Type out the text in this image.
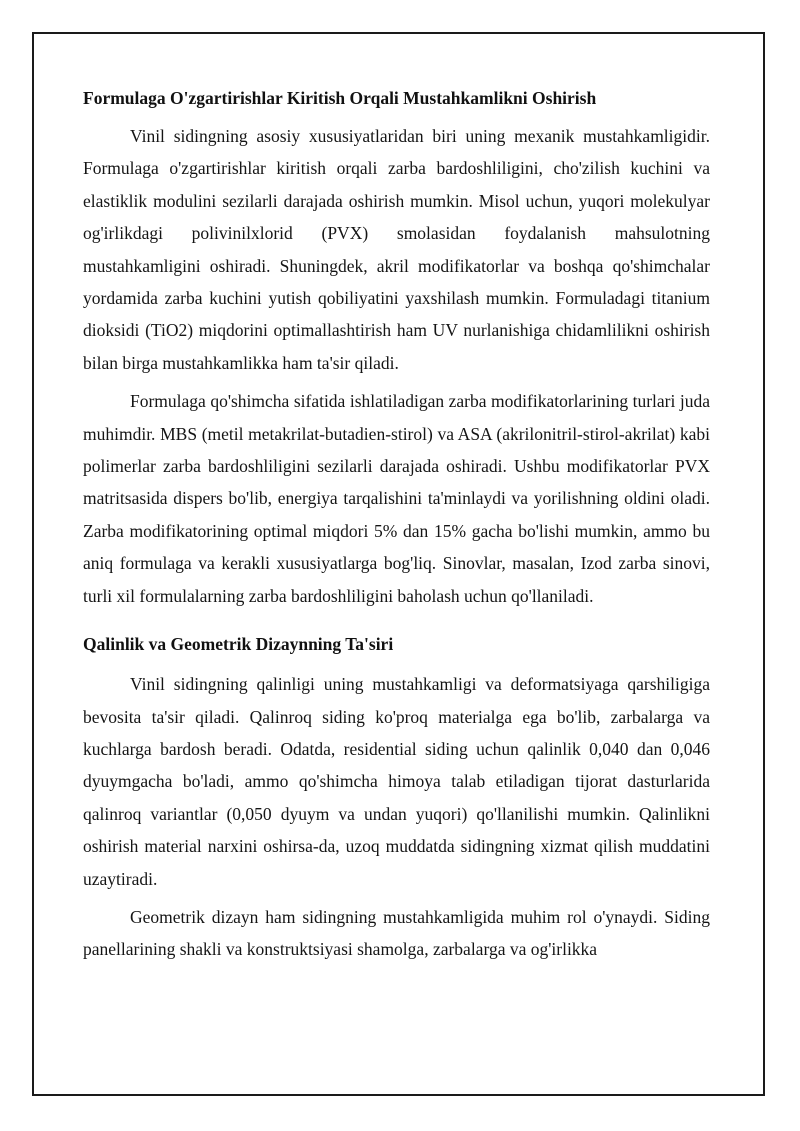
Formulaga O'zgartirishlar Kiritish Orqali Mustahkamlikni Oshirish

Vinil sidingning asosiy xususiyatlaridan biri uning mexanik mustahkamligidir. Formulaga o'zgartirishlar kiritish orqali zarba bardoshliligini, cho'zilish kuchini va elastiklik modulini sezilarli darajada oshirish mumkin. Misol uchun, yuqori molekulyar og'irlikdagi polivinilxlorid (PVX) smolasidan foydalanish mahsulotning mustahkamligini oshiradi. Shuningdek, akril modifikatorlar va boshqa qo'shimchalar yordamida zarba kuchini yutish qobiliyatini yaxshilash mumkin. Formuladagi titanium dioksidi (TiO2) miqdorini optimallashtirish ham UV nurlanishiga chidamlilikni oshirish bilan birga mustahkamlikka ham ta'sir qiladi.

Formulaga qo'shimcha sifatida ishlatiladigan zarba modifikatorlarining turlari juda muhimdir. MBS (metil metakrilat-butadien-stirol) va ASA (akrilonitril-stirol-akrilat) kabi polimerlar zarba bardoshliligini sezilarli darajada oshiradi. Ushbu modifikatorlar PVX matritsasida dispers bo'lib, energiya tarqalishini ta'minlaydi va yorilishning oldini oladi. Zarba modifikatorining optimal miqdori 5% dan 15% gacha bo'lishi mumkin, ammo bu aniq formulaga va kerakli xususiyatlarga bog'liq. Sinovlar, masalan, Izod zarba sinovi, turli xil formulalarning zarba bardoshliligini baholash uchun qo'llaniladi.

Qalinlik va Geometrik Dizaynning Ta'siri

Vinil sidingning qalinligi uning mustahkamligi va deformatsiyaga qarshiligiga bevosita ta'sir qiladi. Qalinroq siding ko'proq materialga ega bo'lib, zarbalarga va kuchlarga bardosh beradi. Odatda, residential siding uchun qalinlik 0,040 dan 0,046 dyuymgacha bo'ladi, ammo qo'shimcha himoya talab etiladigan tijorat dasturlarida qalinroq variantlar (0,050 dyuym va undan yuqori) qo'llanilishi mumkin. Qalinlikni oshirish material narxini oshirsa-da, uzoq muddatda sidingning xizmat qilish muddatini uzaytiradi.

Geometrik dizayn ham sidingning mustahkamligida muhim rol o'ynaydi. Siding panellarining shakli va konstruktsiyasi shamolga, zarbalarga va og'irlikka
